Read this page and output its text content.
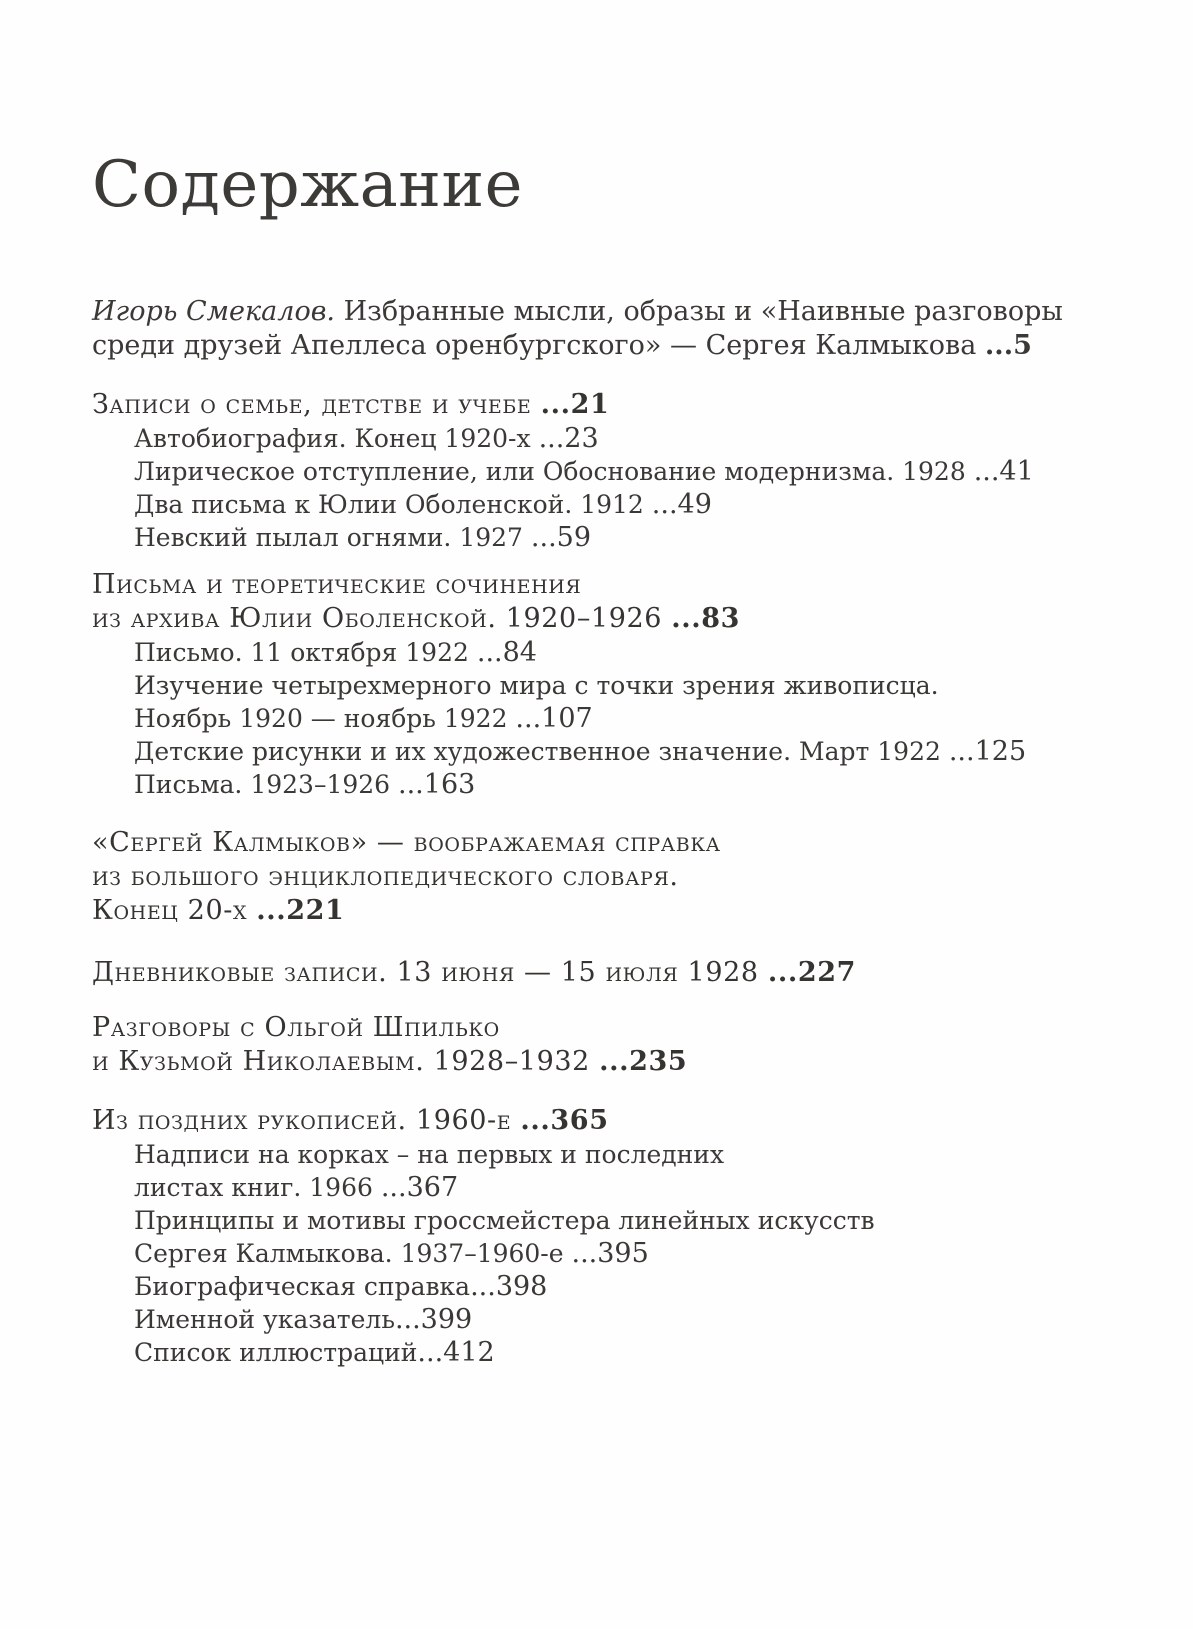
Содержание
Игорь Смекалов. Избранные мысли, образы и «Наивные разговоры
среди друзей Апеллеса оренбургского» — Сергея Калмыкова ...5
Записи о семье, детстве и учебе ...21
Автобиография. Конец 1920-х ...23
Лирическое отступление, или Обоснование модернизма. 1928 ...41
Два письма к Юлии Оболенской. 1912 ...49
Невский пылал огнями. 1927 ...59
Письма и теоретические сочинения
из архива Юлии Оболенской. 1920–1926 ...83
Письмо. 11 октября 1922 ...84
Изучение четырехмерного мира с точки зрения живописца.
Ноябрь 1920 — ноябрь 1922 ...107
Детские рисунки и их художественное значение. Март 1922 ...125
Письма. 1923–1926 ...163
«Сергей Калмыков» — воображаемая справка
из большого энциклопедического словаря.
Конец 20-х ...221
Дневниковые записи. 13 июня — 15 июля 1928 ...227
Разговоры с Ольгой Шпилько
и Кузьмой Николаевым. 1928–1932 ...235
Из поздних рукописей. 1960-е ...365
Надписи на корках – на первых и последних
листах книг. 1966 ...367
Принципы и мотивы гроссмейстера линейных искусств
Сергея Калмыкова. 1937–1960-е ...395
Биографическая справка...398
Именной указатель...399
Список иллюстраций...412
